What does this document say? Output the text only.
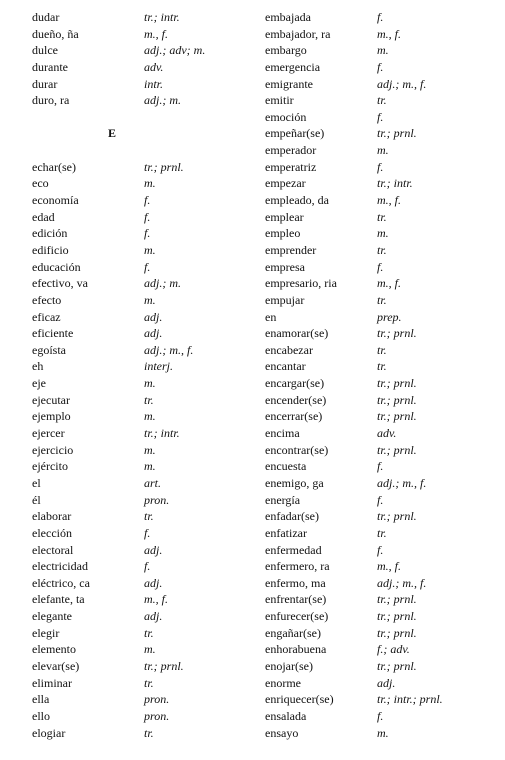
dudar	tr.; intr.
dueño, ña	m., f.
dulce	adj.; adv; m.
durante	adv.
durar	intr.
duro, ra	adj.; m.
E
echar(se)	tr.; prnl.
eco	m.
economía	f.
edad	f.
edición	f.
edificio	m.
educación	f.
efectivo, va	adj.; m.
efecto	m.
eficaz	adj.
eficiente	adj.
egoísta	adj.; m., f.
eh	interj.
eje	m.
ejecutar	tr.
ejemplo	m.
ejercer	tr.; intr.
ejercicio	m.
ejército	m.
el	art.
él	pron.
elaborar	tr.
elección	f.
electoral	adj.
electricidad	f.
eléctrico, ca	adj.
elefante, ta	m., f.
elegante	adj.
elegir	tr.
elemento	m.
elevar(se)	tr.; prnl.
eliminar	tr.
ella	pron.
ello	pron.
elogiar	tr.
embajada	f.
embajador, ra	m., f.
embargo	m.
emergencia	f.
emigrante	adj.; m., f.
emitir	tr.
emoción	f.
empeñar(se)	tr.; prnl.
emperador	m.
emperatriz	f.
empezar	tr.; intr.
empleado, da	m., f.
emplear	tr.
empleo	m.
emprender	tr.
empresa	f.
empresario, ria	m., f.
empujar	tr.
en	prep.
enamorar(se)	tr.; prnl.
encabezar	tr.
encantar	tr.
encargar(se)	tr.; prnl.
encender(se)	tr.; prnl.
encerrar(se)	tr.; prnl.
encima	adv.
encontrar(se)	tr.; prnl.
encuesta	f.
enemigo, ga	adj.; m., f.
energía	f.
enfadar(se)	tr.; prnl.
enfatizar	tr.
enfermedad	f.
enfermero, ra	m., f.
enfermo, ma	adj.; m., f.
enfrentar(se)	tr.; prnl.
enfurecer(se)	tr.; prnl.
engañar(se)	tr.; prnl.
enhorabuena	f.; adv.
enojar(se)	tr.; prnl.
enorme	adj.
enriquecer(se)	tr.; intr.; prnl.
ensalada	f.
ensayo	m.
